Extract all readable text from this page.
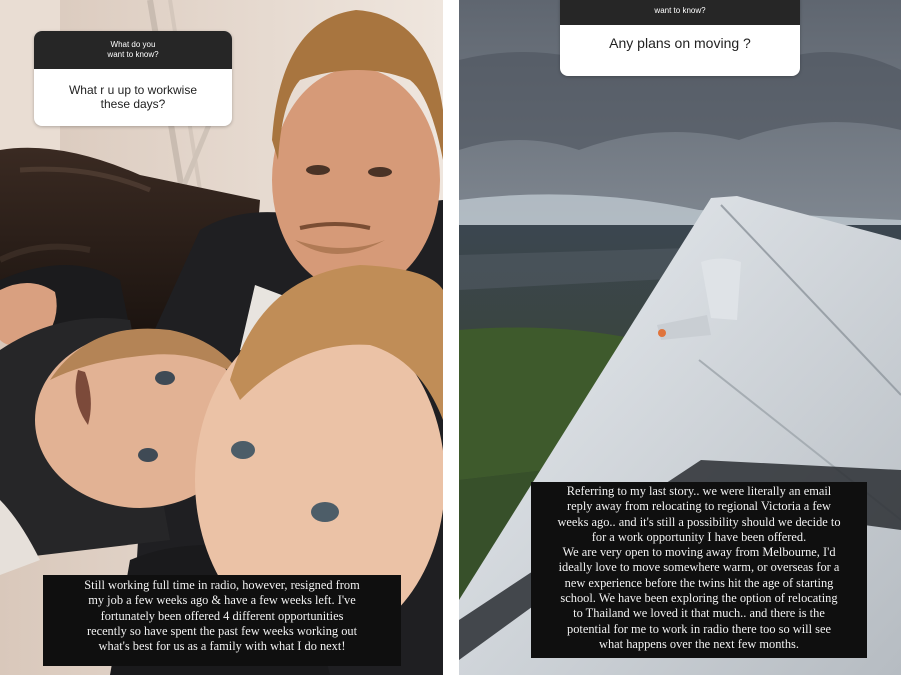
What do you
want to know?
What r u up to workwise
these days?
Still working full time in radio, however, resigned from
my job a few weeks ago & have a few weeks left. I've
fortunately been offered 4 different opportunities
recently so have spent the past few weeks working out
what's best for us as a family with what I do next!
want to know?
Any plans on moving ?
Referring to my last story.. we were literally an email
reply away from relocating to regional Victoria a few
weeks ago.. and it's still a possibility should we decide to
for a work opportunity I have been offered.
We are very open to moving away from Melbourne, I'd
ideally love to move somewhere warm, or overseas for a
new experience before the twins hit the age of starting
school. We have been exploring the option of relocating
to Thailand we loved it that much.. and there is the
potential for me to work in radio there too so will see
what happens over the next few months.
